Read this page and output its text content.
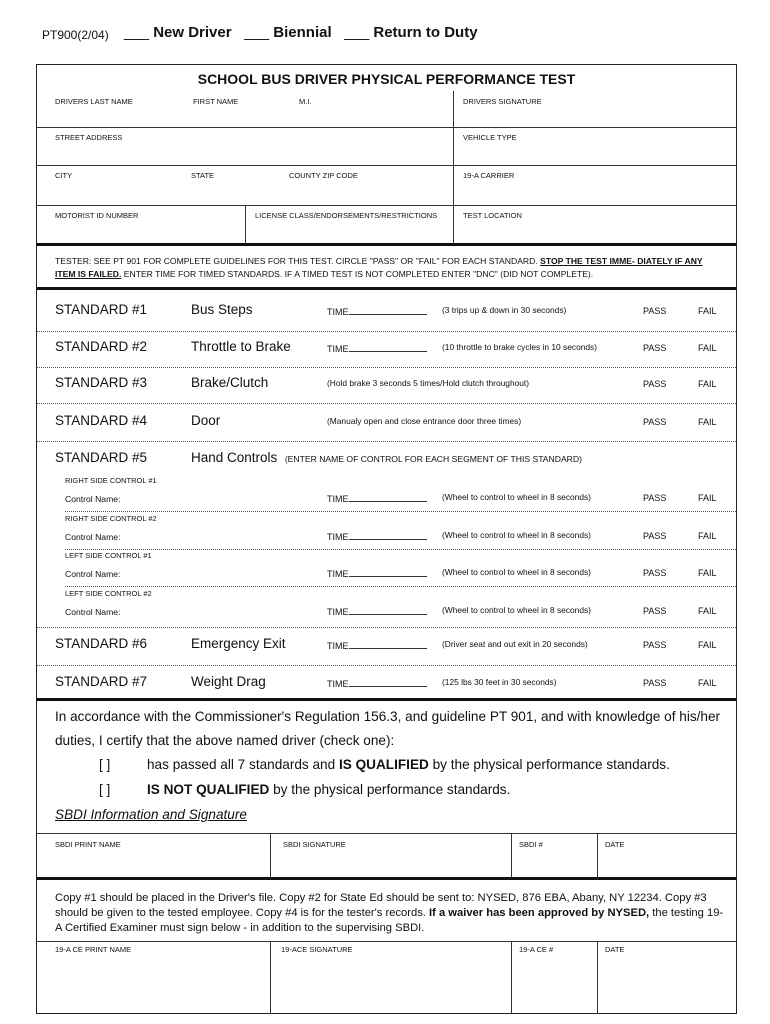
PT900(2/04) ___ New Driver ___ Biennial ___ Return to Duty
SCHOOL BUS DRIVER PHYSICAL PERFORMANCE TEST
DRIVERS LAST NAME	FIRST NAME	M.I.	DRIVERS SIGNATURE
STREET ADDRESS	VEHICLE TYPE
CITY	STATE	COUNTY ZIP CODE	19-A CARRIER
MOTORIST ID NUMBER	LICENSE CLASS/ENDORSEMENTS/RESTRICTIONS	TEST LOCATION
TESTER: SEE PT 901 FOR COMPLETE GUIDELINES FOR THIS TEST. CIRCLE "PASS" OR "FAIL" FOR EACH STANDARD. STOP THE TEST IMME- DIATELY IF ANY ITEM IS FAILED. ENTER TIME FOR TIMED STANDARDS. IF A TIMED TEST IS NOT COMPLETED ENTER "DNC" (DID NOT COMPLETE).
STANDARD #1	Bus Steps	TIME	(3 trips up & down in 30 seconds)	PASS	FAIL
STANDARD #2	Throttle to Brake	TIME	(10 throttle to brake cycles in 10 seconds)	PASS	FAIL
STANDARD #3	Brake/Clutch	(Hold brake 3 seconds 5 times/Hold clutch throughout)	PASS	FAIL
STANDARD #4	Door	(Manualy open and close entrance door three times)	PASS	FAIL
STANDARD #5	Hand Controls (ENTER NAME OF CONTROL FOR EACH SEGMENT OF THIS STANDARD)
RIGHT SIDE CONTROL #1
Control Name:	TIME	(Wheel to control to wheel in 8 seconds)	PASS	FAIL
RIGHT SIDE CONTROL #2
Control Name:	TIME	(Wheel to control to wheel in 8 seconds)	PASS	FAIL
LEFT SIDE CONTROL #1
Control Name:	TIME	(Wheel to control to wheel in 8 seconds)	PASS	FAIL
LEFT SIDE CONTROL #2
Control Name:	TIME	(Wheel to control to wheel in 8 seconds)	PASS	FAIL
STANDARD #6	Emergency Exit	TIME	(Driver seat and out exit in 20 seconds)	PASS	FAIL
STANDARD #7	Weight Drag	TIME	(125 lbs 30 feet in 30 seconds)	PASS	FAIL
In accordance with the Commissioner's Regulation 156.3, and guideline PT 901, and with knowledge of his/her duties, I certify that the above named driver (check one):
[ ]	has passed all 7 standards and IS QUALIFIED by the physical performance standards.
[ ]	IS NOT QUALIFIED by the physical performance standards.
SBDI Information and Signature
SBDI PRINT NAME	SBDI SIGNATURE	SBDI #	DATE
Copy #1 should be placed in the Driver's file. Copy #2 for State Ed should be sent to: NYSED, 876 EBA, Abany, NY 12234. Copy #3 should be given to the tested employee. Copy #4 is for the tester's records. If a waiver has been approved by NYSED, the testing 19-A Certified Examiner must sign below - in addition to the supervising SBDI.
19-A CE PRINT NAME	19-ACE SIGNATURE	19-A CE #	DATE
